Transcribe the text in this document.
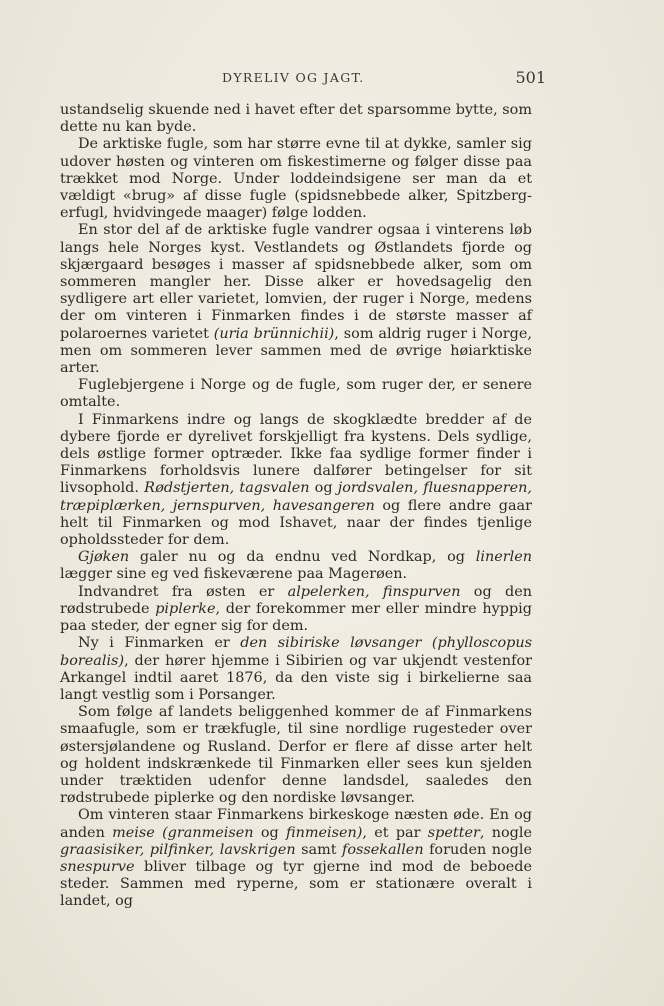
DYRELIV OG JAGT.	501

ustandselig skuende ned i havet efter det sparsomme bytte, som dette nu kan byde.

De arktiske fugle, som har større evne til at dykke, samler sig udover høsten og vinteren om fiskestimerne og følger disse paa trækket mod Norge. Under loddeindsigene ser man da et vældigt «brug» af disse fugle (spidsnebbede alker, Spitzberg-erfugl, hvidvingede maager) følge lodden.

En stor del af de arktiske fugle vandrer ogsaa i vinterens løb langs hele Norges kyst. Vestlandets og Østlandets fjorde og skjærgaard besøges i masser af spidsnebbede alker, som om sommeren mangler her. Disse alker er hovedsagelig den sydligere art eller varietet, lomvien, der ruger i Norge, medens der om vinteren i Finmarken findes i de største masser af polaroernes varietet (uria brünnichii), som aldrig ruger i Norge, men om sommeren lever sammen med de øvrige høiarktiske arter.

Fuglebjergene i Norge og de fugle, som ruger der, er senere omtalte.

I Finmarkens indre og langs de skogklædte bredder af de dybere fjorde er dyrelivet forskjelligt fra kystens. Dels sydlige, dels østlige former optræder. Ikke faa sydlige former finder i Finmarkens forholdsvis lunere dalfører betingelser for sit livsophold. Rødstjerten, tagsvalen og jordsvalen, fluesnapperen, træpiplærken, jernspurven, havesangeren og flere andre gaar helt til Finmarken og mod Ishavet, naar der findes tjenlige opholdssteder for dem.

Gjøken galer nu og da endnu ved Nordkap, og linerlen lægger sine eg ved fiskeværene paa Magerøen.

Indvandret fra østen er alpelerken, finspurven og den rødstrubede piplerke, der forekommer mer eller mindre hyppig paa steder, der egner sig for dem.

Ny i Finmarken er den sibiriske løvsanger (phylloscopus borealis), der hører hjemme i Sibirien og var ukjendt vestenfor Arkangel indtil aaret 1876, da den viste sig i birkelierne saa langt vestlig som i Porsanger.

Som følge af landets beliggenhed kommer de af Finmarkens smaafugle, som er trækfugle, til sine nordlige rugesteder over østersjølandene og Rusland. Derfor er flere af disse arter helt og holdent indskrænkede til Finmarken eller sees kun sjelden under træktiden udenfor denne landsdel, saaledes den rødstrubede piplerke og den nordiske løvsanger.

Om vinteren staar Finmarkens birkeskoge næsten øde. En og anden meise (granmeisen og finmeisen), et par spetter, nogle graasisiker, pilfinker, lavskrigen samt fossekallen foruden nogle snespurve bliver tilbage og tyr gjerne ind mod de beboede steder. Sammen med ryperne, som er stationære overalt i landet, og
